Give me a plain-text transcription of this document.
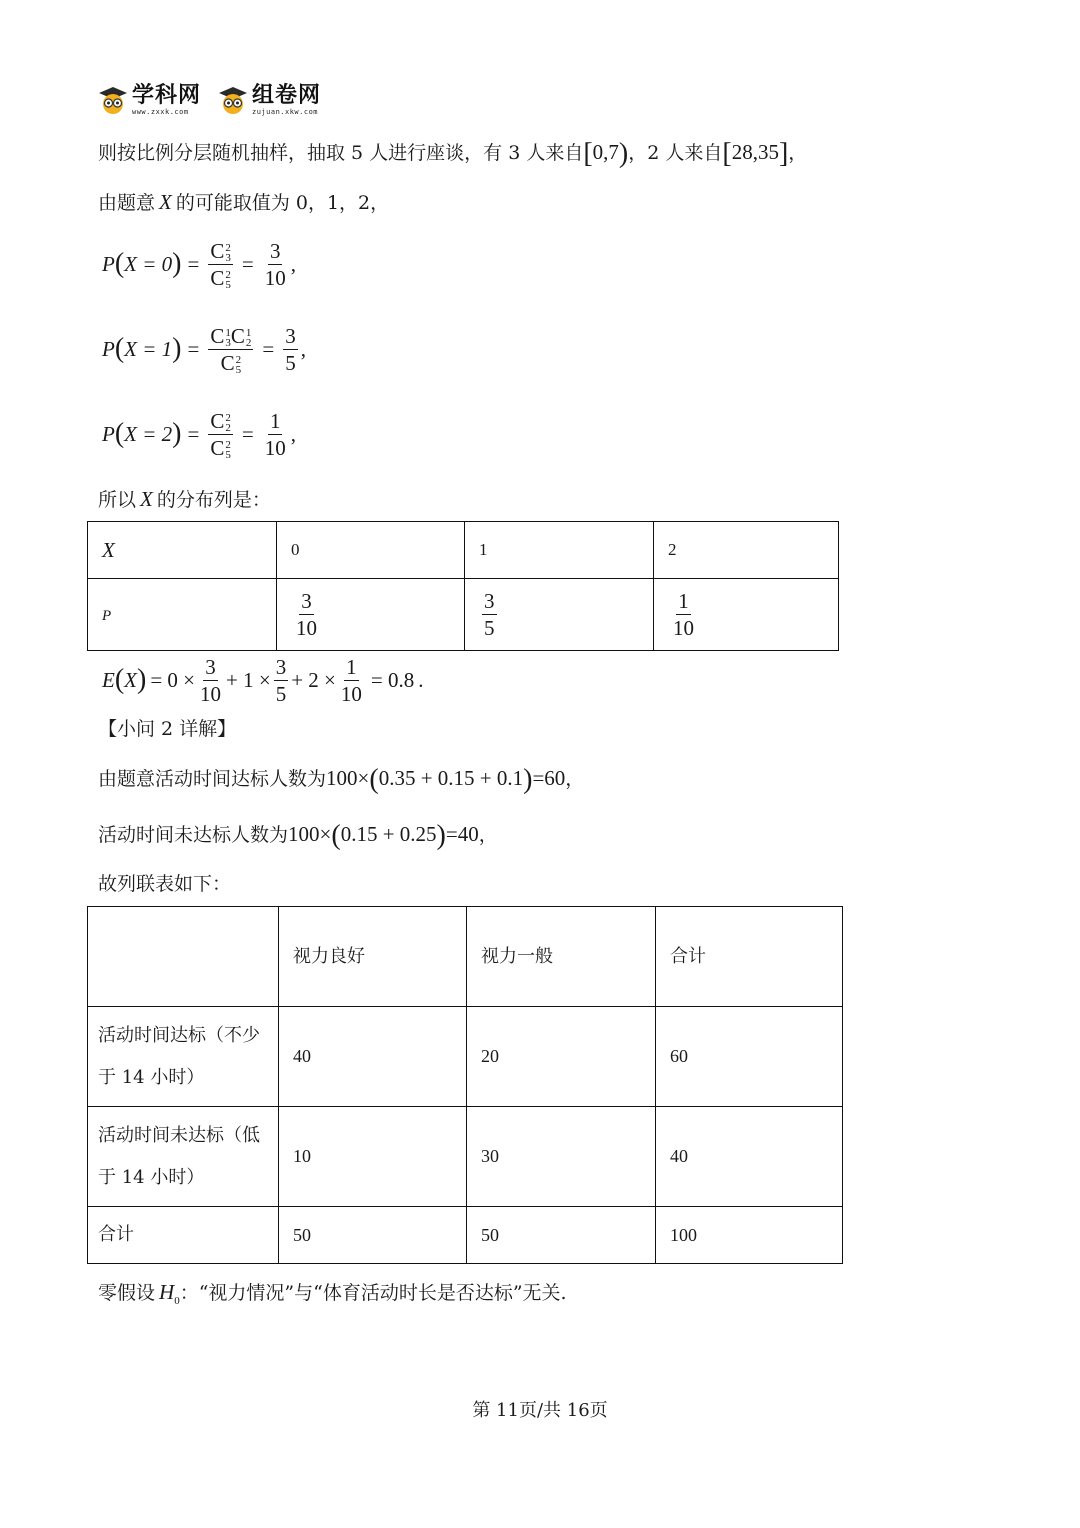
学科网
www.zxxk.com
组卷网
zujuan.xkw.com
则按比例分层随机抽样，抽取 5 人进行座谈，有 3 人来自[0,7)，2 人来自[28,35]，
由题意 X 的可能取值为 0，1，2，
P ( X = 0 ) = C 2
3
C 2
$5 = \frac{3}{10}$ ,
P ( X = 1 ) = C 1
3 C 1
2
C 2
$5 = \frac{3}{5}$ ,
P ( X = 2 ) = C 2
2
C 2
$5 = \frac{1}{10}$ ,
所以 X 的分布列是：
X	0	1	2
P	$\frac{3}{10}$	$\frac{3}{5}$	$\frac{1}{10}$
E ( X ) = $0 \times \frac{3}{10} + 1 \times \frac{3}{5} + 2 \times \frac{1}{10} = 0.8$ .
【小问 2 详解】
由题意活动时间达标人数为100×(0.35 + 0.15 + 0.1)=60，
活动时间未达标人数为100×(0.15 + 0.25)=40，
故列联表如下：
	视力良好	视力一般	合计

活动时间达标（不少
于 14 小时）	40	20	60

活动时间未达标（低
于 14 小时）	10	30	40
合计	50	50	100
零假设 $H_0$：“视力情况”与“体育活动时长是否达标”无关.
第 11页/共 16页
